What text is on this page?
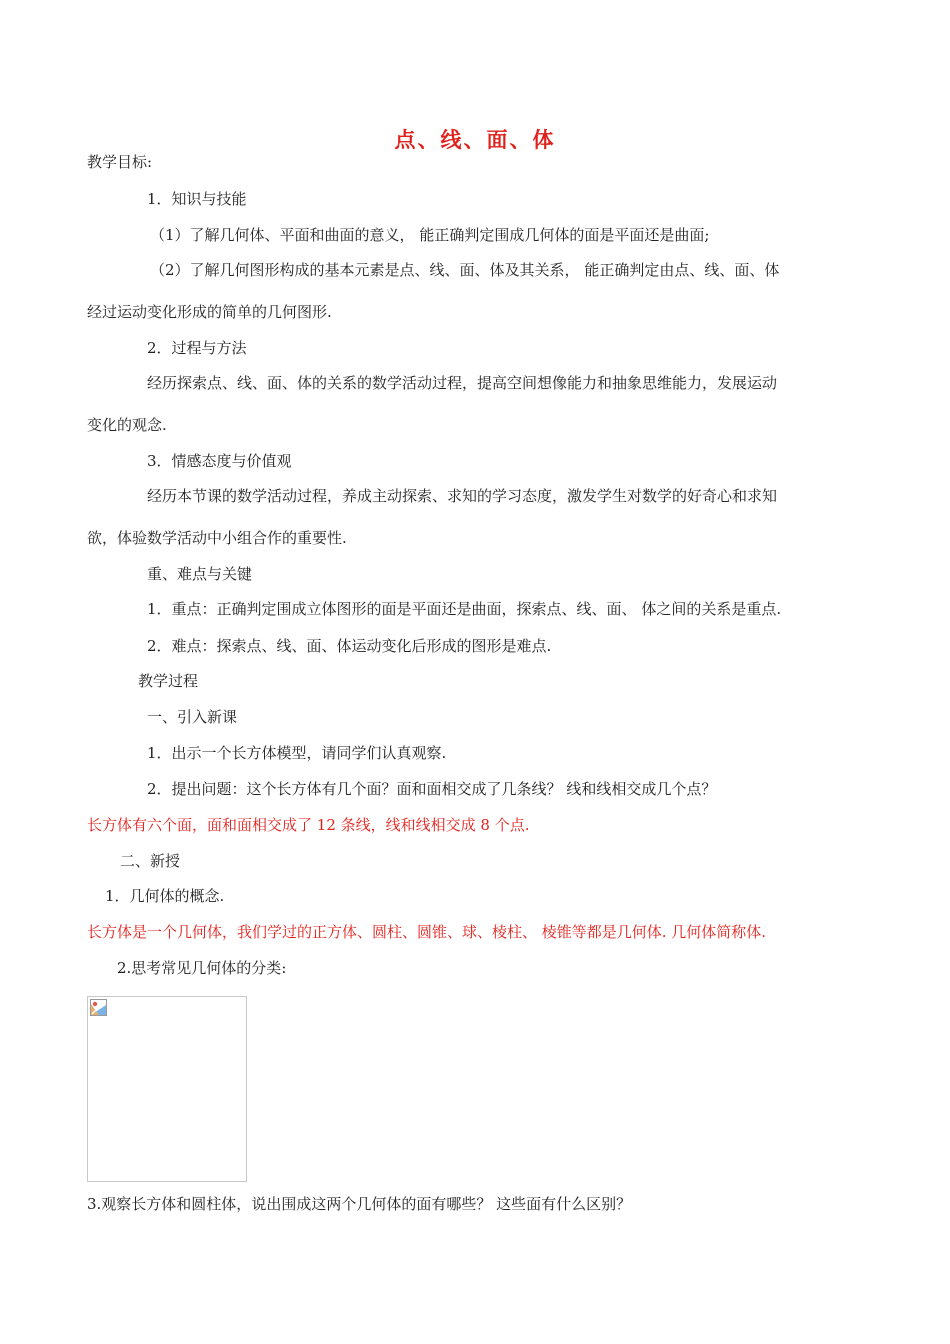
点、线、面、体
教学目标:
1．知识与技能
（1）了解几何体、平面和曲面的意义， 能正确判定围成几何体的面是平面还是曲面;
（2）了解几何图形构成的基本元素是点、线、面、体及其关系， 能正确判定由点、线、面、体
经过运动变化形成的简单的几何图形.
2．过程与方法
经历探索点、线、面、体的关系的数学活动过程，提高空间想像能力和抽象思维能力，发展运动
变化的观念.
3．情感态度与价值观
经历本节课的数学活动过程，养成主动探索、求知的学习态度，激发学生对数学的好奇心和求知
欲，体验数学活动中小组合作的重要性.
重、难点与关键
1．重点：正确判定围成立体图形的面是平面还是曲面，探索点、线、面、 体之间的关系是重点.
2．难点：探索点、线、面、体运动变化后形成的图形是难点.
教学过程
一、引入新课
1．出示一个长方体模型，请同学们认真观察.
2．提出问题：这个长方体有几个面？面和面相交成了几条线？ 线和线相交成几个点？
长方体有六个面，面和面相交成了 12 条线，线和线相交成 8 个点.
二、新授
1．几何体的概念.
长方体是一个几何体，我们学过的正方体、圆柱、圆锥、球、棱柱、 棱锥等都是几何体. 几何体简称体.
2.思考常见几何体的分类:
3.观察长方体和圆柱体，说出围成这两个几何体的面有哪些？ 这些面有什么区别？
